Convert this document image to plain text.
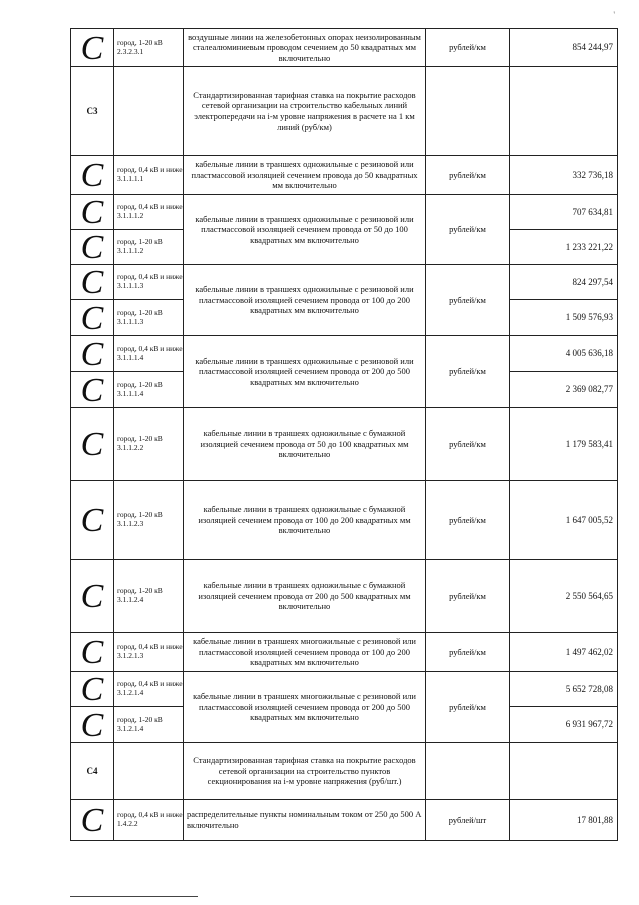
'
C	город, 1-20 кВ 2.3.2.3.1	воздушные линии на железобетонных опорах неизолированным сталеалюминиевым проводом сечением до 50 квадратных мм включительно	рублей/км	854 244,97
С3		Стандартизированная тарифная ставка на покрытие расходов сетевой организации на строительство кабельных линий электропередачи на i-м уровне напряжения в расчете на 1 км линий (руб/км)		
C	город, 0,4 кВ и ниже 3.1.1.1.1	кабельные линии в траншеях одножильные с резиновой или пластмассовой изоляцией сечением провода до 50 квадратных мм включительно	рублей/км	332 736,18
C	город, 0,4 кВ и ниже 3.1.1.1.2	кабельные линии в траншеях одножильные с резиновой или пластмассовой изоляцией сечением провода от 50 до 100 квадратных мм включительно	рублей/км	707 634,81
C	город, 1-20 кВ 3.1.1.1.2			1 233 221,22
C	город, 0,4 кВ и ниже 3.1.1.1.3	кабельные линии в траншеях одножильные с резиновой или пластмассовой изоляцией сечением провода от 100 до 200 квадратных мм включительно	рублей/км	824 297,54
C	город, 1-20 кВ 3.1.1.1.3			1 509 576,93
C	город, 0,4 кВ и ниже 3.1.1.1.4	кабельные линии в траншеях одножильные с резиновой или пластмассовой изоляцией сечением провода от 200 до 500 квадратных мм включительно	рублей/км	4 005 636,18
C	город, 1-20 кВ 3.1.1.1.4			2 369 082,77
C	город, 1-20 кВ 3.1.1.2.2	кабельные линии в траншеях одножильные с бумажной изоляцией сечением провода от 50 до 100 квадратных мм включительно	рублей/км	1 179 583,41
C	город, 1-20 кВ 3.1.1.2.3	кабельные линии в траншеях одножильные с бумажной изоляцией сечением провода от 100 до 200 квадратных мм включительно	рублей/км	1 647 005,52
C	город, 1-20 кВ 3.1.1.2.4	кабельные линии в траншеях одножильные с бумажной изоляцией сечением провода от 200 до 500 квадратных мм включительно	рублей/км	2 550 564,65
C	город, 0,4 кВ и ниже 3.1.2.1.3	кабельные линии в траншеях многожильные с резиновой или пластмассовой изоляцией сечением провода от 100 до 200 квадратных мм включительно	рублей/км	1 497 462,02
C	город, 0,4 кВ и ниже 3.1.2.1.4	кабельные линии в траншеях многожильные с резиновой или пластмассовой изоляцией сечением провода от 200 до 500 квадратных мм включительно	рублей/км	5 652 728,08
C	город, 1-20 кВ 3.1.2.1.4			6 931 967,72
С4		Стандартизированная тарифная ставка на покрытие расходов сетевой организации на строительство пунктов секционирования на i-м уровне напряжения (руб/шт.)		
C	город, 0,4 кВ и ниже 1.4.2.2	распределительные пункты номинальным током от 250 до 500 А включительно	рублей/шт	17 801,88
